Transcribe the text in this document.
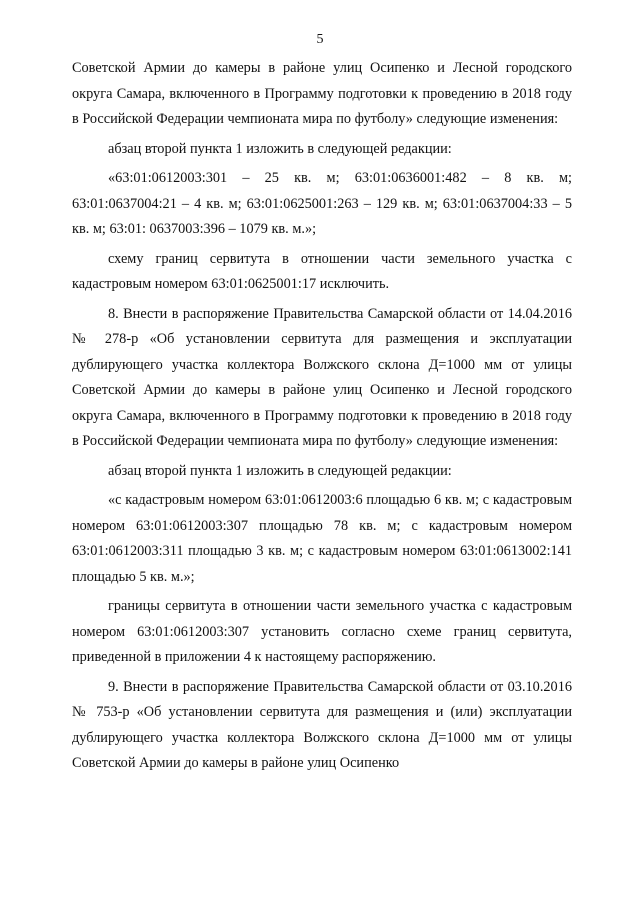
5

Советской Армии до камеры в районе улиц Осипенко и Лесной городского округа Самара, включенного в Программу подготовки к проведению в 2018 году в Российской Федерации чемпионата мира по футболу» следующие изменения:

абзац второй пункта 1 изложить в следующей редакции:

«63:01:0612003:301 – 25 кв. м; 63:01:0636001:482 – 8 кв. м; 63:01:0637004:21 – 4 кв. м; 63:01:0625001:263 – 129 кв. м; 63:01:0637004:33 – 5 кв. м; 63:01: 0637003:396 – 1079 кв. м.»;

схему границ сервитута в отношении части земельного участка с кадастровым номером 63:01:0625001:17 исключить.

8. Внести в распоряжение Правительства Самарской области от 14.04.2016 № 278-р «Об установлении сервитута для размещения и эксплуатации дублирующего участка коллектора Волжского склона Д=1000 мм от улицы Советской Армии до камеры в районе улиц Осипенко и Лесной городского округа Самара, включенного в Программу подготовки к проведению в 2018 году в Российской Федерации чемпионата мира по футболу» следующие изменения:

абзац второй пункта 1 изложить в следующей редакции:

«с кадастровым номером 63:01:0612003:6 площадью 6 кв. м; с кадастровым номером 63:01:0612003:307 площадью 78 кв. м; с кадастровым номером 63:01:0612003:311 площадью 3 кв. м; с кадастровым номером 63:01:0613002:141 площадью 5 кв. м.»;

границы сервитута в отношении части земельного участка с кадастровым номером 63:01:0612003:307 установить согласно схеме границ сервитута, приведенной в приложении 4 к настоящему распоряжению.

9. Внести в распоряжение Правительства Самарской области от 03.10.2016 № 753-р «Об установлении сервитута для размещения и (или) эксплуатации дублирующего участка коллектора Волжского склона Д=1000 мм от улицы Советской Армии до камеры в районе улиц Осипенко
